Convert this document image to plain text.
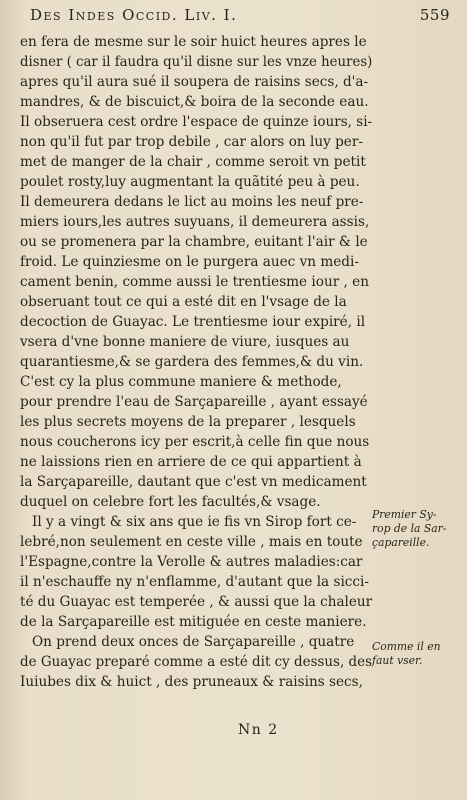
Des Indes Occid. Liv. I.	559
en fera de mesme sur le soir huict heures apres le
disner ( car il faudra qu'il disne sur les vnze heures)
apres qu'il aura sué il soupera de raisins secs, d'a-
mandres, & de biscuict,& boira de la seconde eau.
Il obseruera cest ordre l'espace de quinze iours, si-
non qu'il fut par trop debile , car alors on luy per-
met de manger de la chair , comme seroit vn petit
poulet rosty,luy augmentant la quãtité peu à peu.
Il demeurera dedans le lict au moins les neuf pre-
miers iours,les autres suyuans, il demeurera assis,
ou se promenera par la chambre, euitant l'air & le
froid. Le quinziesme on le purgera auec vn medi-
cament benin, comme aussi le trentiesme iour , en
obseruant tout ce qui a esté dit en l'vsage de la
decoction de Guayac. Le trentiesme iour expiré, il
vsera d'vne bonne maniere de viure, iusques au
quarantiesme,& se gardera des femmes,& du vin.
C'est cy la plus commune maniere & methode,
pour prendre l'eau de Sarçapareille , ayant essayé
les plus secrets moyens de la preparer , lesquels
nous coucherons icy per escrit,à celle fin que nous
ne laissions rien en arriere de ce qui appartient à
la Sarçapareille, dautant que c'est vn medicament
duquel on celebre fort les facultés,& vsage.
Il y a vingt & six ans que ie fis vn Sirop fort ce-
lebré,non seulement en ceste ville , mais en toute
l'Espagne,contre la Verolle & autres maladies:car
il n'eschauffe ny n'enflamme, d'autant que la sicci-
té du Guayac est temperée , & aussi que la chaleur
de la Sarçapareille est mitiguée en ceste maniere.
On prend deux onces de Sarçapareille , quatre
de Guayac preparé comme a esté dit cy dessus, des
Iuiubes dix & huict , des pruneaux & raisins secs,
Premier Sy-
rop de la Sar-
çapareille.
Comme il en
faut vser.
Nn 2
